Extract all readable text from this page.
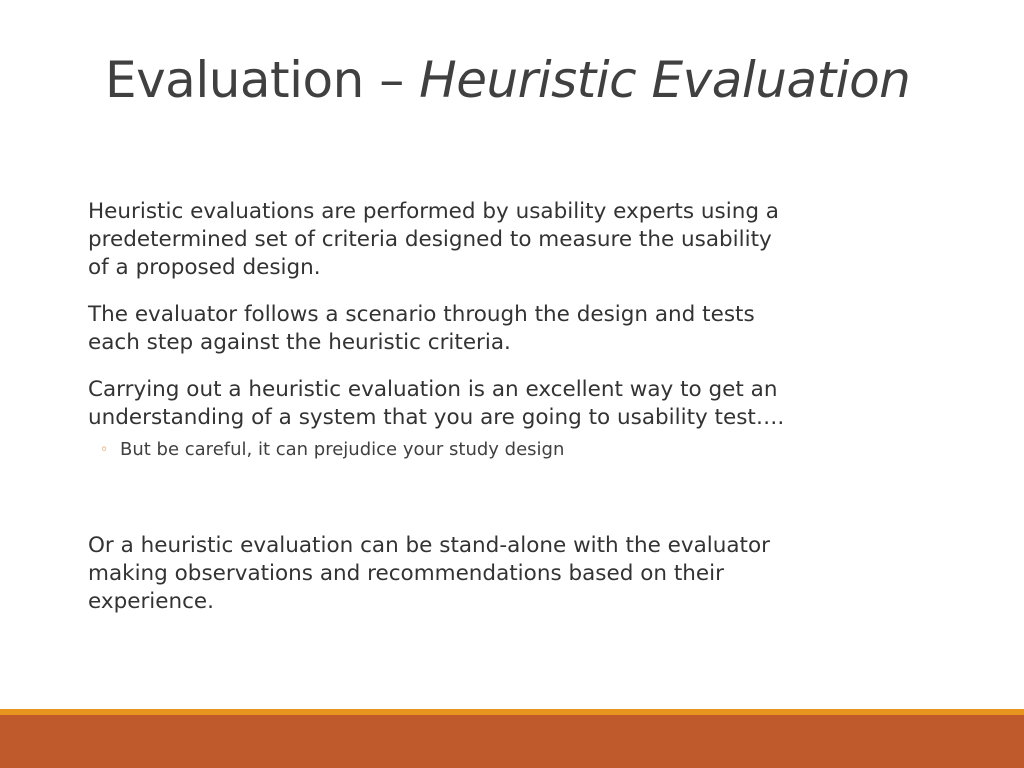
Evaluation – Heuristic Evaluation

Heuristic evaluations are performed by usability experts using a predetermined set of criteria designed to measure the usability of a proposed design.

The evaluator follows a scenario through the design and tests each step against the heuristic criteria.

Carrying out a heuristic evaluation is an excellent way to get an understanding of a system that you are going to usability test….

◦ But be careful, it can prejudice your study design

Or a heuristic evaluation can be stand-alone with the evaluator making observations and recommendations based on their experience.
